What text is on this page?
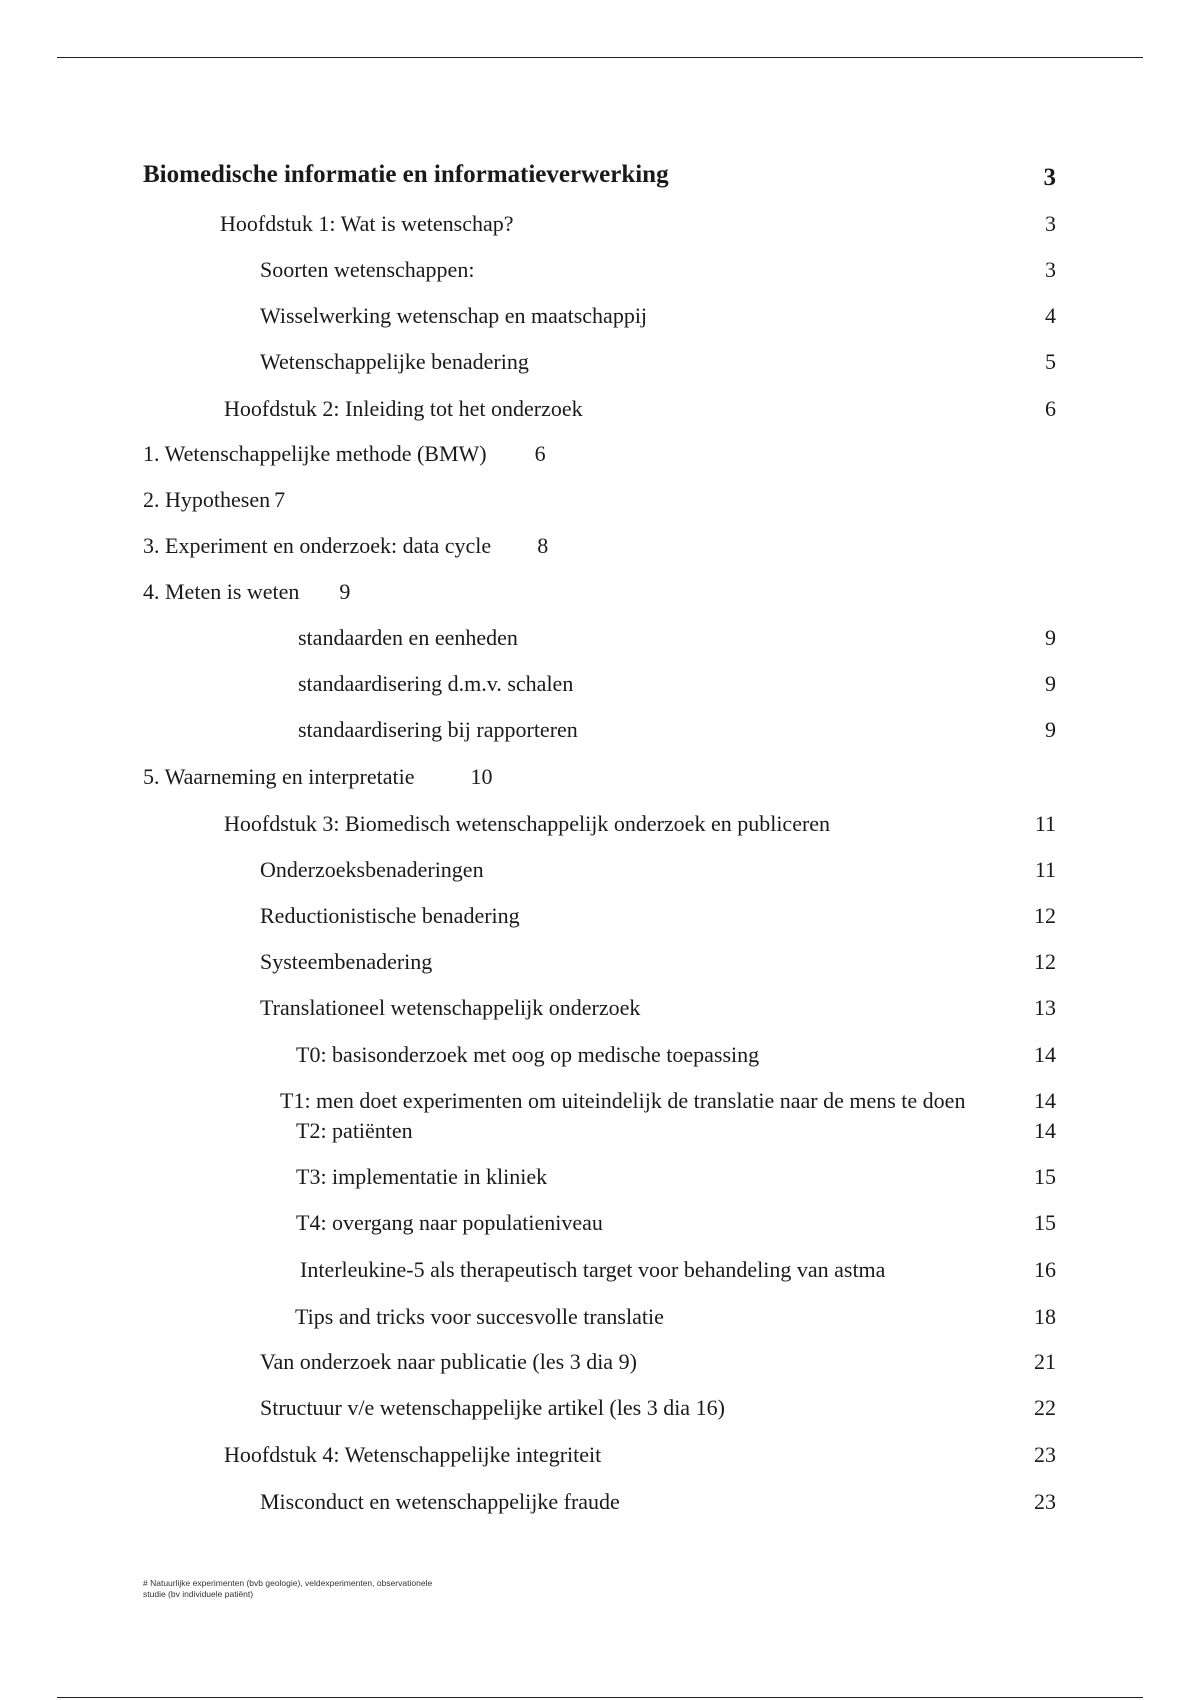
Biomedische informatie en informatieverwerking	3
Hoofdstuk 1: Wat is wetenschap?	3
Soorten wetenschappen:	3
Wisselwerking wetenschap en maatschappij	4
Wetenschappelijke benadering	5
Hoofdstuk 2: Inleiding tot het onderzoek	6
1. Wetenschappelijke methode (BMW) 6
2. Hypothesen 7
3. Experiment en onderzoek: data cycle 8
4. Meten is weten 9
standaarden en eenheden	9
standaardisering d.m.v. schalen	9
standaardisering bij rapporteren	9
5. Waarneming en interpretatie	10
Hoofdstuk 3: Biomedisch wetenschappelijk onderzoek en publiceren	11
Onderzoeksbenaderingen	11
Reductionistische benadering	12
Systeembenadering	12
Translationeel wetenschappelijk onderzoek	13
T0: basisonderzoek met oog op medische toepassing	14
T1: men doet experimenten om uiteindelijk de translatie naar de mens te doen	14
T2: patiënten	14
T3: implementatie in kliniek	15
T4: overgang naar populatieniveau	15
Interleukine-5 als therapeutisch target voor behandeling van astma	16
Tips and tricks voor succesvolle translatie	18
Van onderzoek naar publicatie (les 3 dia 9)	21
Structuur v/e wetenschappelijke artikel (les 3 dia 16)	22
Hoofdstuk 4: Wetenschappelijke integriteit	23
Misconduct en wetenschappelijke fraude	23
# Natuurlijke experimenten (bvb geologie), veldexperimenten, observationele
studie (bv individuele patiënt)
